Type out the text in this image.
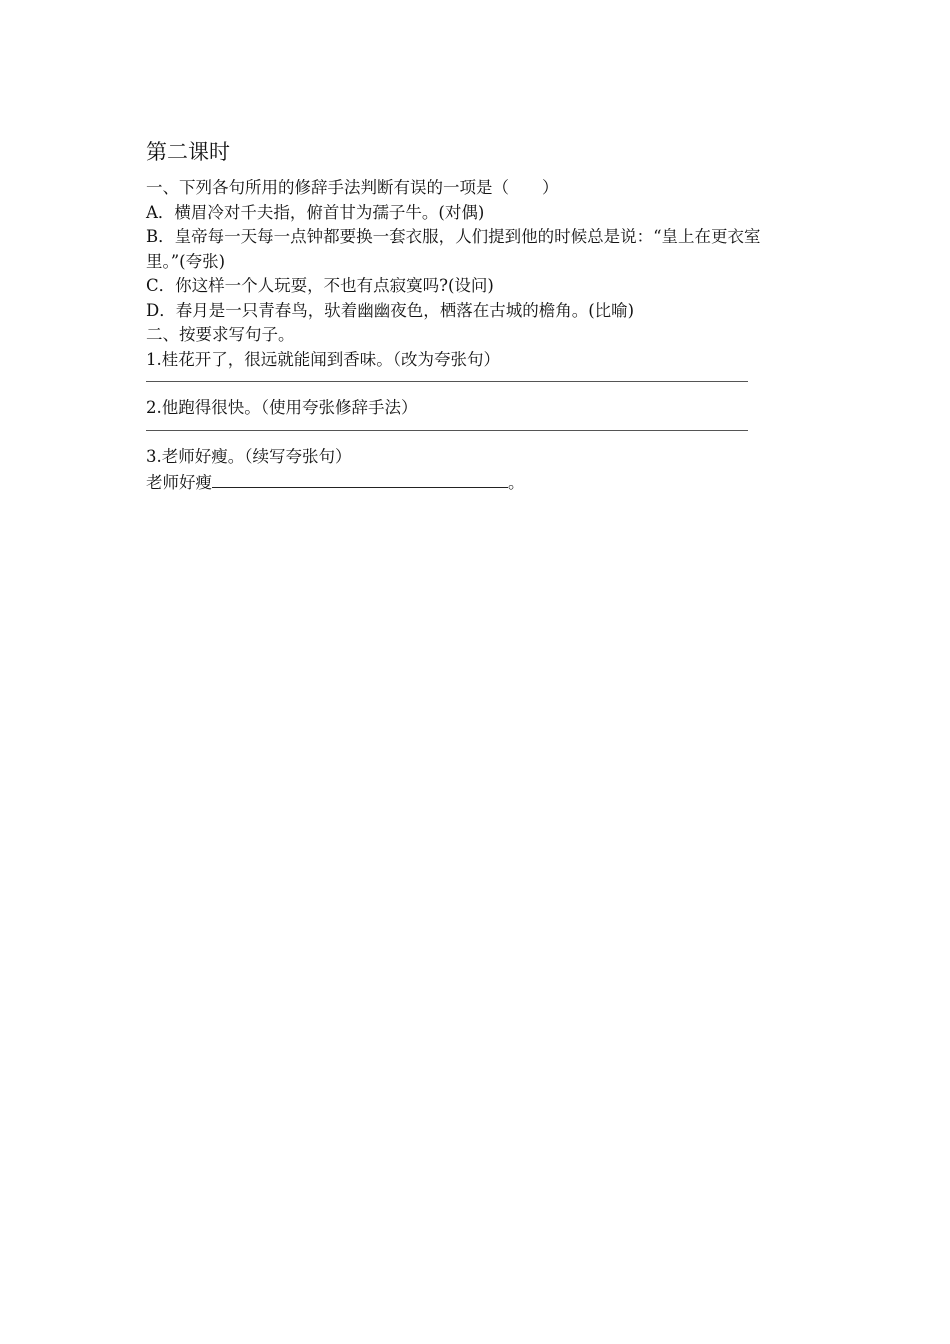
第二课时

一、下列各句所用的修辞手法判断有误的一项是（　　）

A．横眉冷对千夫指，俯首甘为孺子牛。(对偶)

B．皇帝每一天每一点钟都要换一套衣服，人们提到他的时候总是说：“皇上在更衣室里。”(夸张)

C．你这样一个人玩耍，不也有点寂寞吗?(设问)

D．春月是一只青春鸟，驮着幽幽夜色，栖落在古城的檐角。(比喻)

二、按要求写句子。

1.桂花开了，很远就能闻到香味。（改为夸张句）

2.他跑得很快。（使用夸张修辞手法）

3.老师好瘦。（续写夸张句）

老师好瘦	。
